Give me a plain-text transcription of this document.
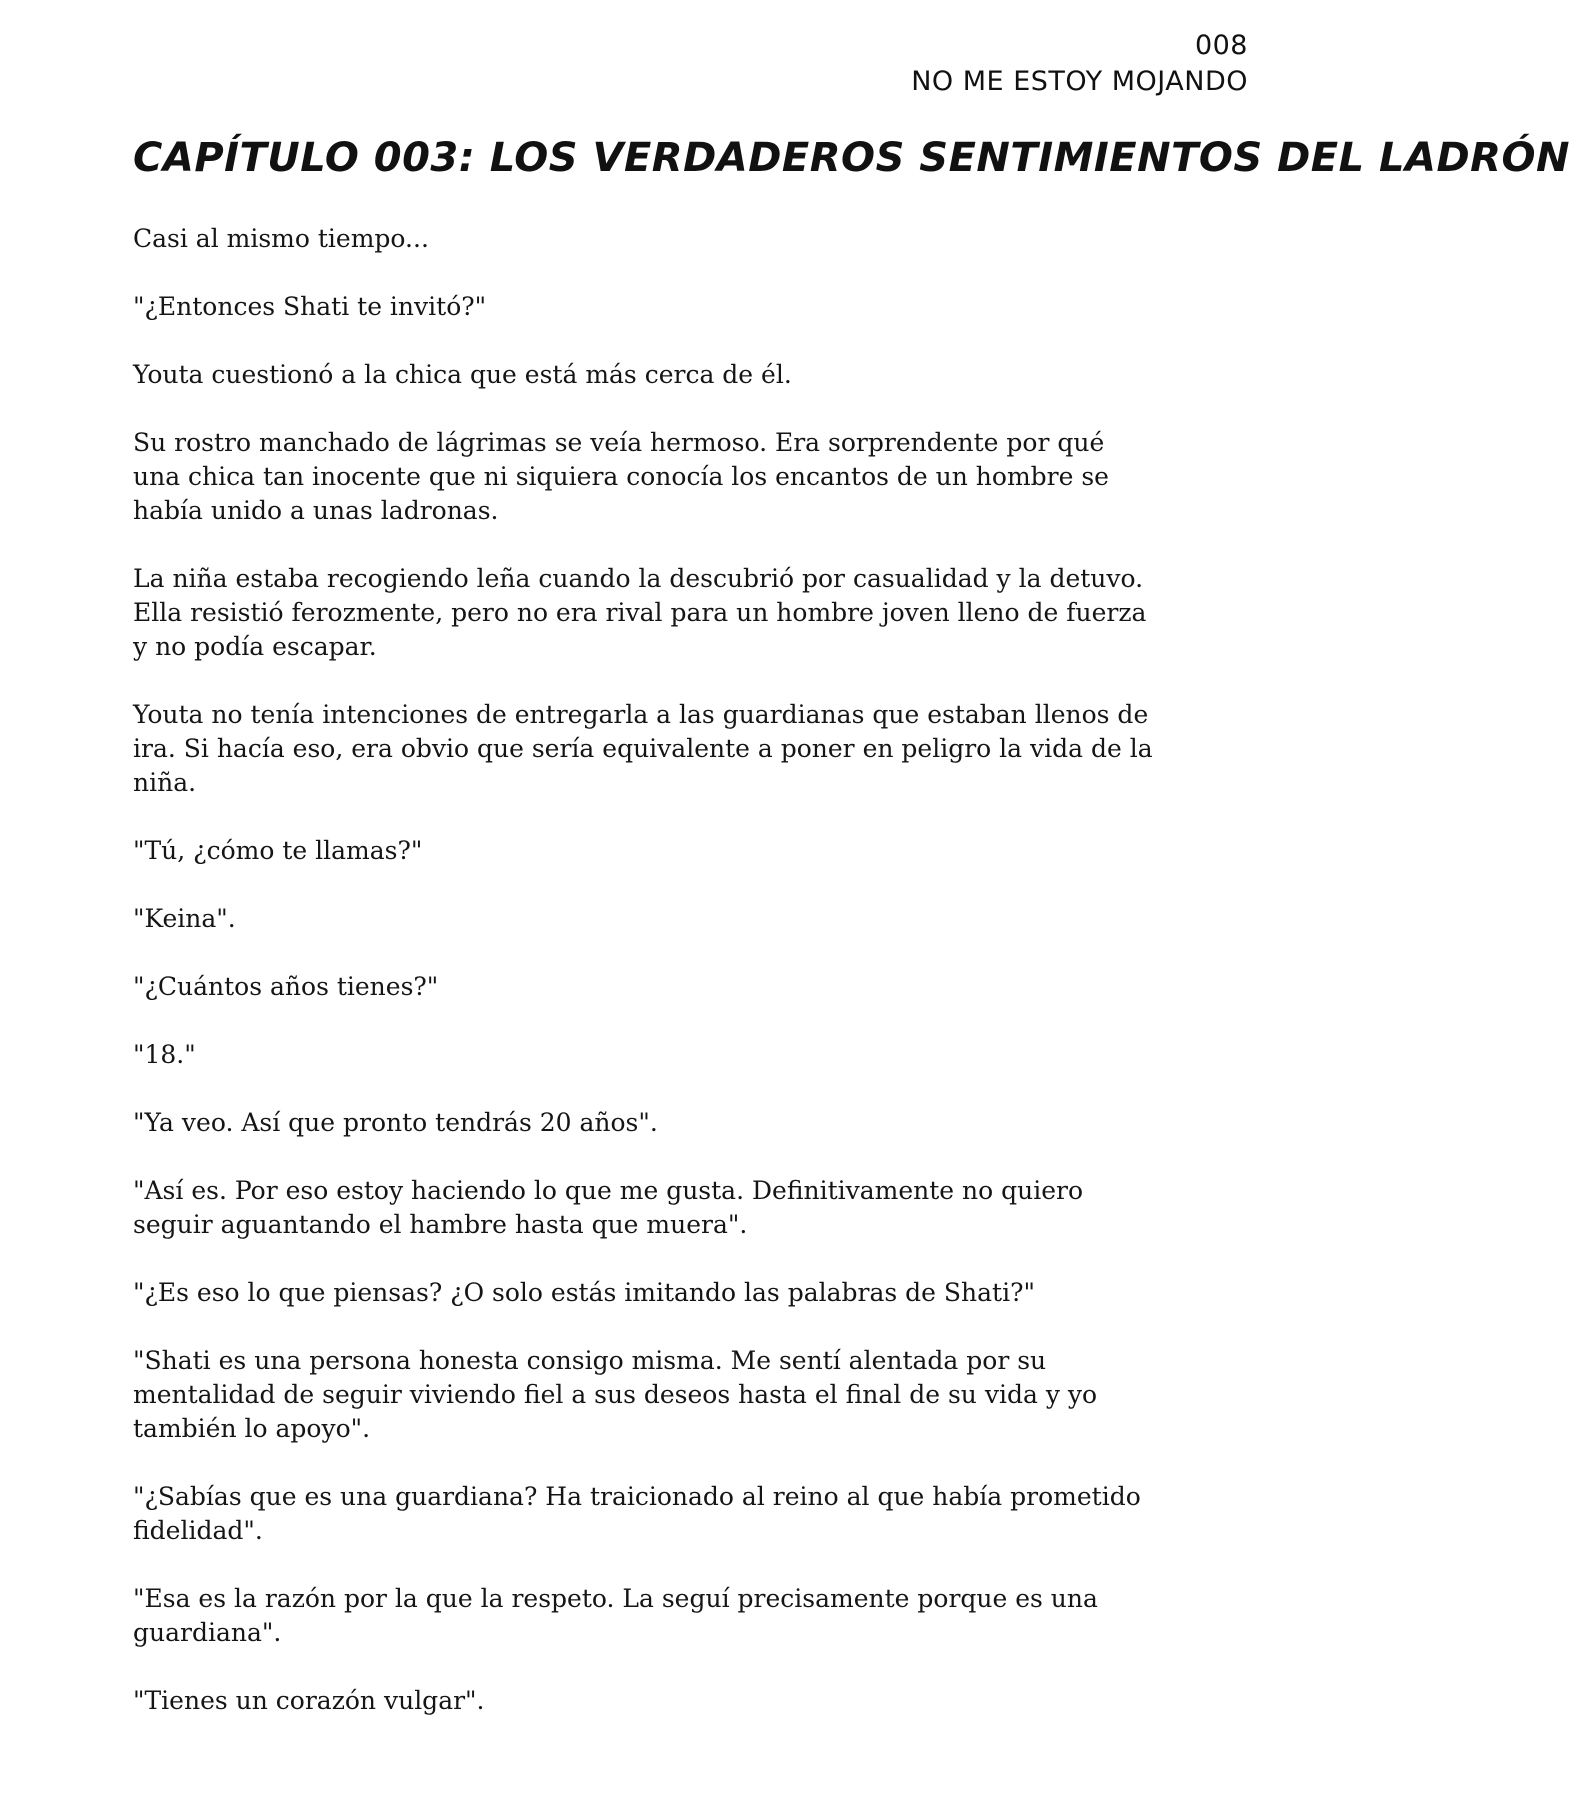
008
NO ME ESTOY MOJANDO
CAPÍTULO 003: LOS VERDADEROS SENTIMIENTOS DEL LADRÓN

Casi al mismo tiempo...

"¿Entonces Shati te invitó?"

Youta cuestionó a la chica que está más cerca de él.

Su rostro manchado de lágrimas se veía hermoso. Era sorprendente por qué una chica tan inocente que ni siquiera conocía los encantos de un hombre se había unido a unas ladronas.

La niña estaba recogiendo leña cuando la descubrió por casualidad y la detuvo. Ella resistió ferozmente, pero no era rival para un hombre joven lleno de fuerza y no podía escapar.

Youta no tenía intenciones de entregarla a las guardianas que estaban llenos de ira. Si hacía eso, era obvio que sería equivalente a poner en peligro la vida de la niña.

"Tú, ¿cómo te llamas?"

"Keina".

"¿Cuántos años tienes?"

"18."

"Ya veo. Así que pronto tendrás 20 años".

"Así es. Por eso estoy haciendo lo que me gusta. Definitivamente no quiero seguir aguantando el hambre hasta que muera".

"¿Es eso lo que piensas? ¿O solo estás imitando las palabras de Shati?"

"Shati es una persona honesta consigo misma. Me sentí alentada por su mentalidad de seguir viviendo fiel a sus deseos hasta el final de su vida y yo también lo apoyo".

"¿Sabías que es una guardiana? Ha traicionado al reino al que había prometido fidelidad".

"Esa es la razón por la que la respeto. La seguí precisamente porque es una guardiana".

"Tienes un corazón vulgar".
